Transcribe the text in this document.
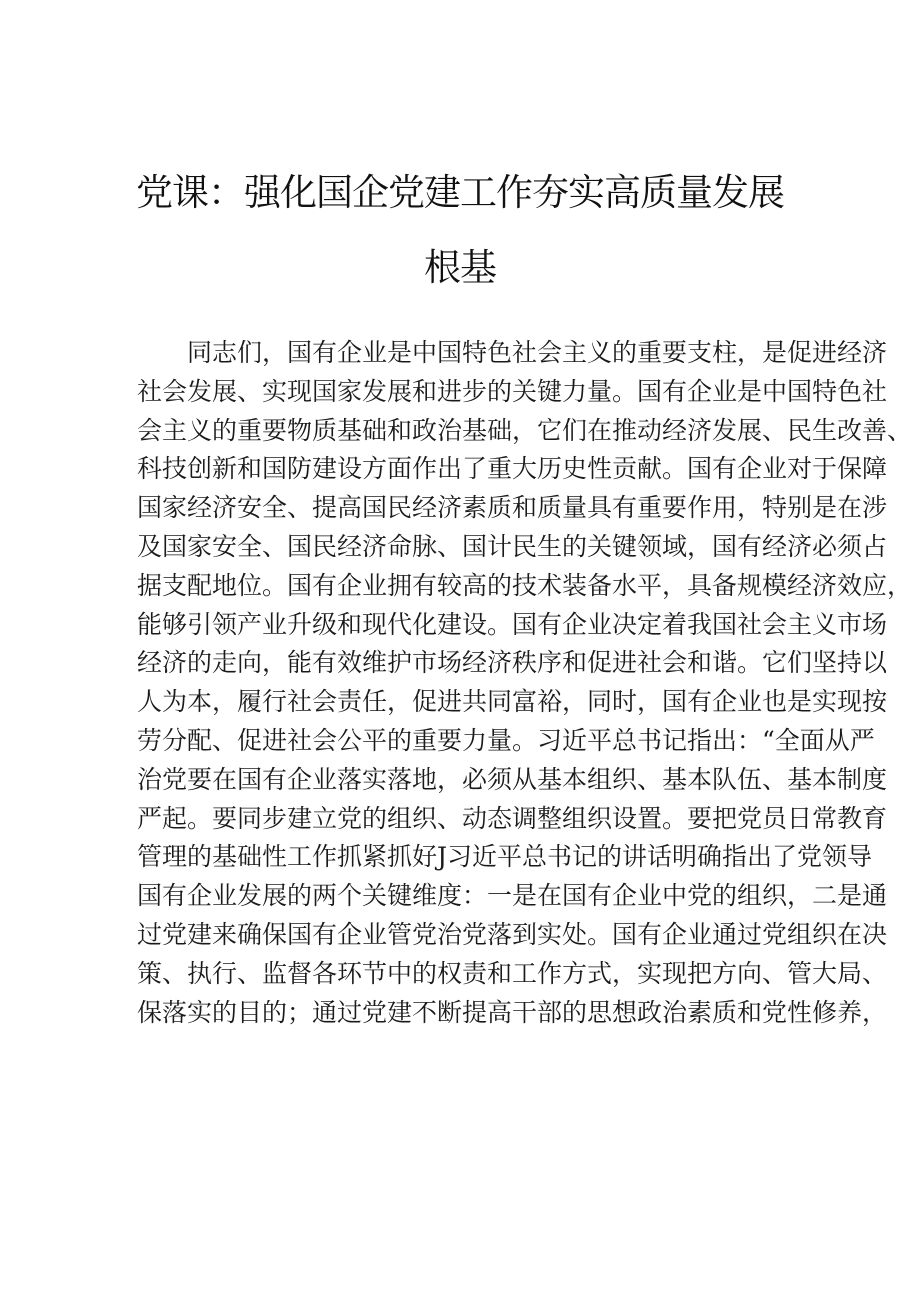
党课：强化国企党建工作夯实高质量发展
根基
同志们，国有企业是中国特色社会主义的重要支柱，是促进经济
社会发展、实现国家发展和进步的关键力量。国有企业是中国特色社
会主义的重要物质基础和政治基础，它们在推动经济发展、民生改善、
科技创新和国防建设方面作出了重大历史性贡献。国有企业对于保障
国家经济安全、提高国民经济素质和质量具有重要作用，特别是在涉
及国家安全、国民经济命脉、国计民生的关键领域，国有经济必须占
据支配地位。国有企业拥有较高的技术装备水平，具备规模经济效应，
能够引领产业升级和现代化建设。国有企业决定着我国社会主义市场
经济的走向，能有效维护市场经济秩序和促进社会和谐。它们坚持以
人为本，履行社会责任，促进共同富裕，同时，国有企业也是实现按
劳分配、促进社会公平的重要力量。习近平总书记指出：“全面从严
治党要在国有企业落实落地，必须从基本组织、基本队伍、基本制度
严起。要同步建立党的组织、动态调整组织设置。要把党员日常教育
管理的基础性工作抓紧抓好J习近平总书记的讲话明确指出了党领导
国有企业发展的两个关键维度：一是在国有企业中党的组织，二是通
过党建来确保国有企业管党治党落到实处。国有企业通过党组织在决
策、执行、监督各环节中的权责和工作方式，实现把方向、管大局、
保落实的目的；通过党建不断提高干部的思想政治素质和党性修养，
